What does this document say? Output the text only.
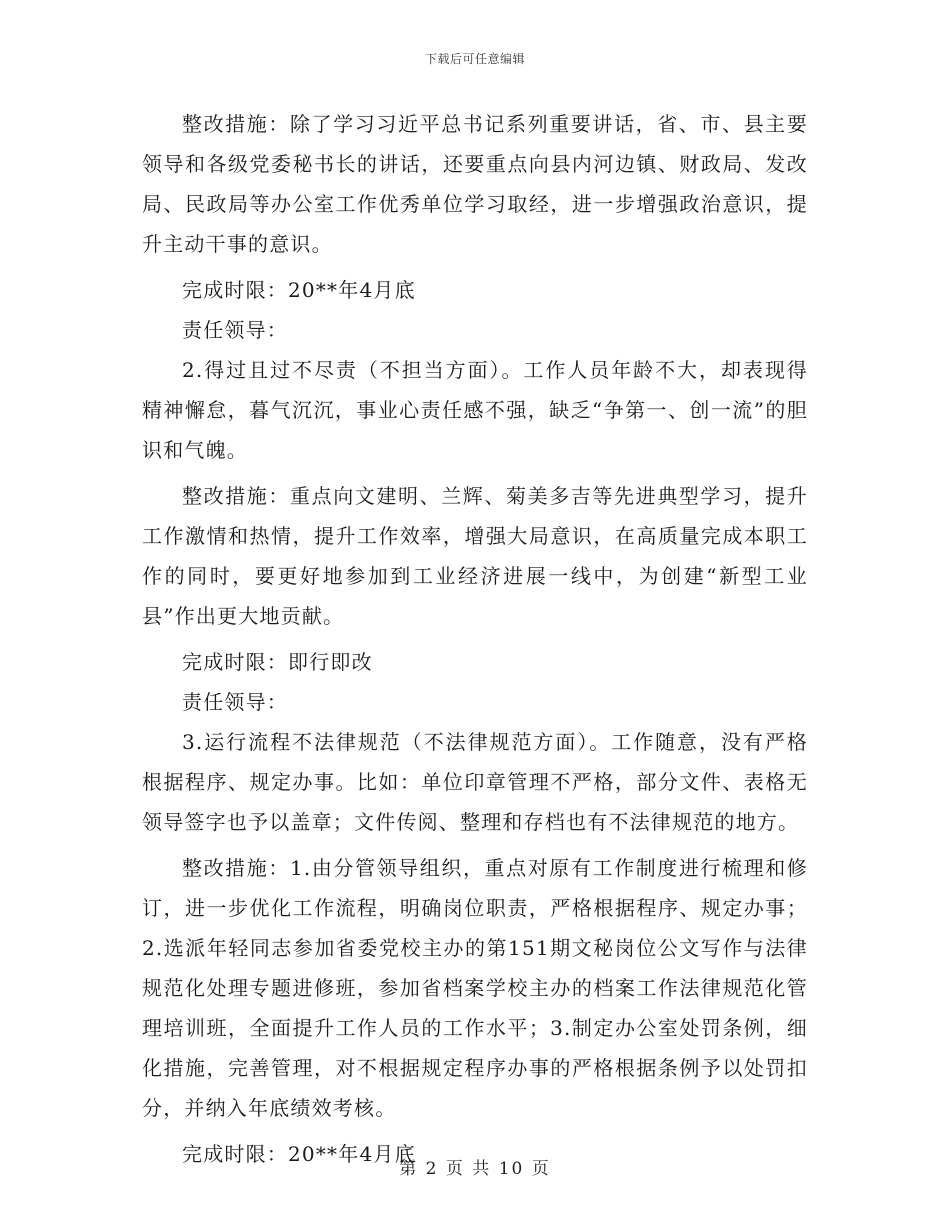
下载后可任意编辑

整改措施：除了学习习近平总书记系列重要讲话，省、市、县主要领导和各级党委秘书长的讲话，还要重点向县内河边镇、财政局、发改局、民政局等办公室工作优秀单位学习取经，进一步增强政治意识，提升主动干事的意识。

完成时限：20**年4月底

责任领导：

2.得过且过不尽责（不担当方面）。工作人员年龄不大，却表现得精神懈怠，暮气沉沉，事业心责任感不强，缺乏“争第一、创一流”的胆识和气魄。

整改措施：重点向文建明、兰辉、菊美多吉等先进典型学习，提升工作激情和热情，提升工作效率，增强大局意识，在高质量完成本职工作的同时，要更好地参加到工业经济进展一线中，为创建“新型工业县”作出更大地贡献。

完成时限：即行即改

责任领导：

3.运行流程不法律规范（不法律规范方面）。工作随意，没有严格根据程序、规定办事。比如：单位印章管理不严格，部分文件、表格无领导签字也予以盖章；文件传阅、整理和存档也有不法律规范的地方。

整改措施：1.由分管领导组织，重点对原有工作制度进行梳理和修订，进一步优化工作流程，明确岗位职责，严格根据程序、规定办事；2.选派年轻同志参加省委党校主办的第151期文秘岗位公文写作与法律规范化处理专题进修班，参加省档案学校主办的档案工作法律规范化管理培训班，全面提升工作人员的工作水平；3.制定办公室处罚条例，细化措施，完善管理，对不根据规定程序办事的严格根据条例予以处罚扣分，并纳入年底绩效考核。

完成时限：20**年4月底

第 2 页 共 10 页
